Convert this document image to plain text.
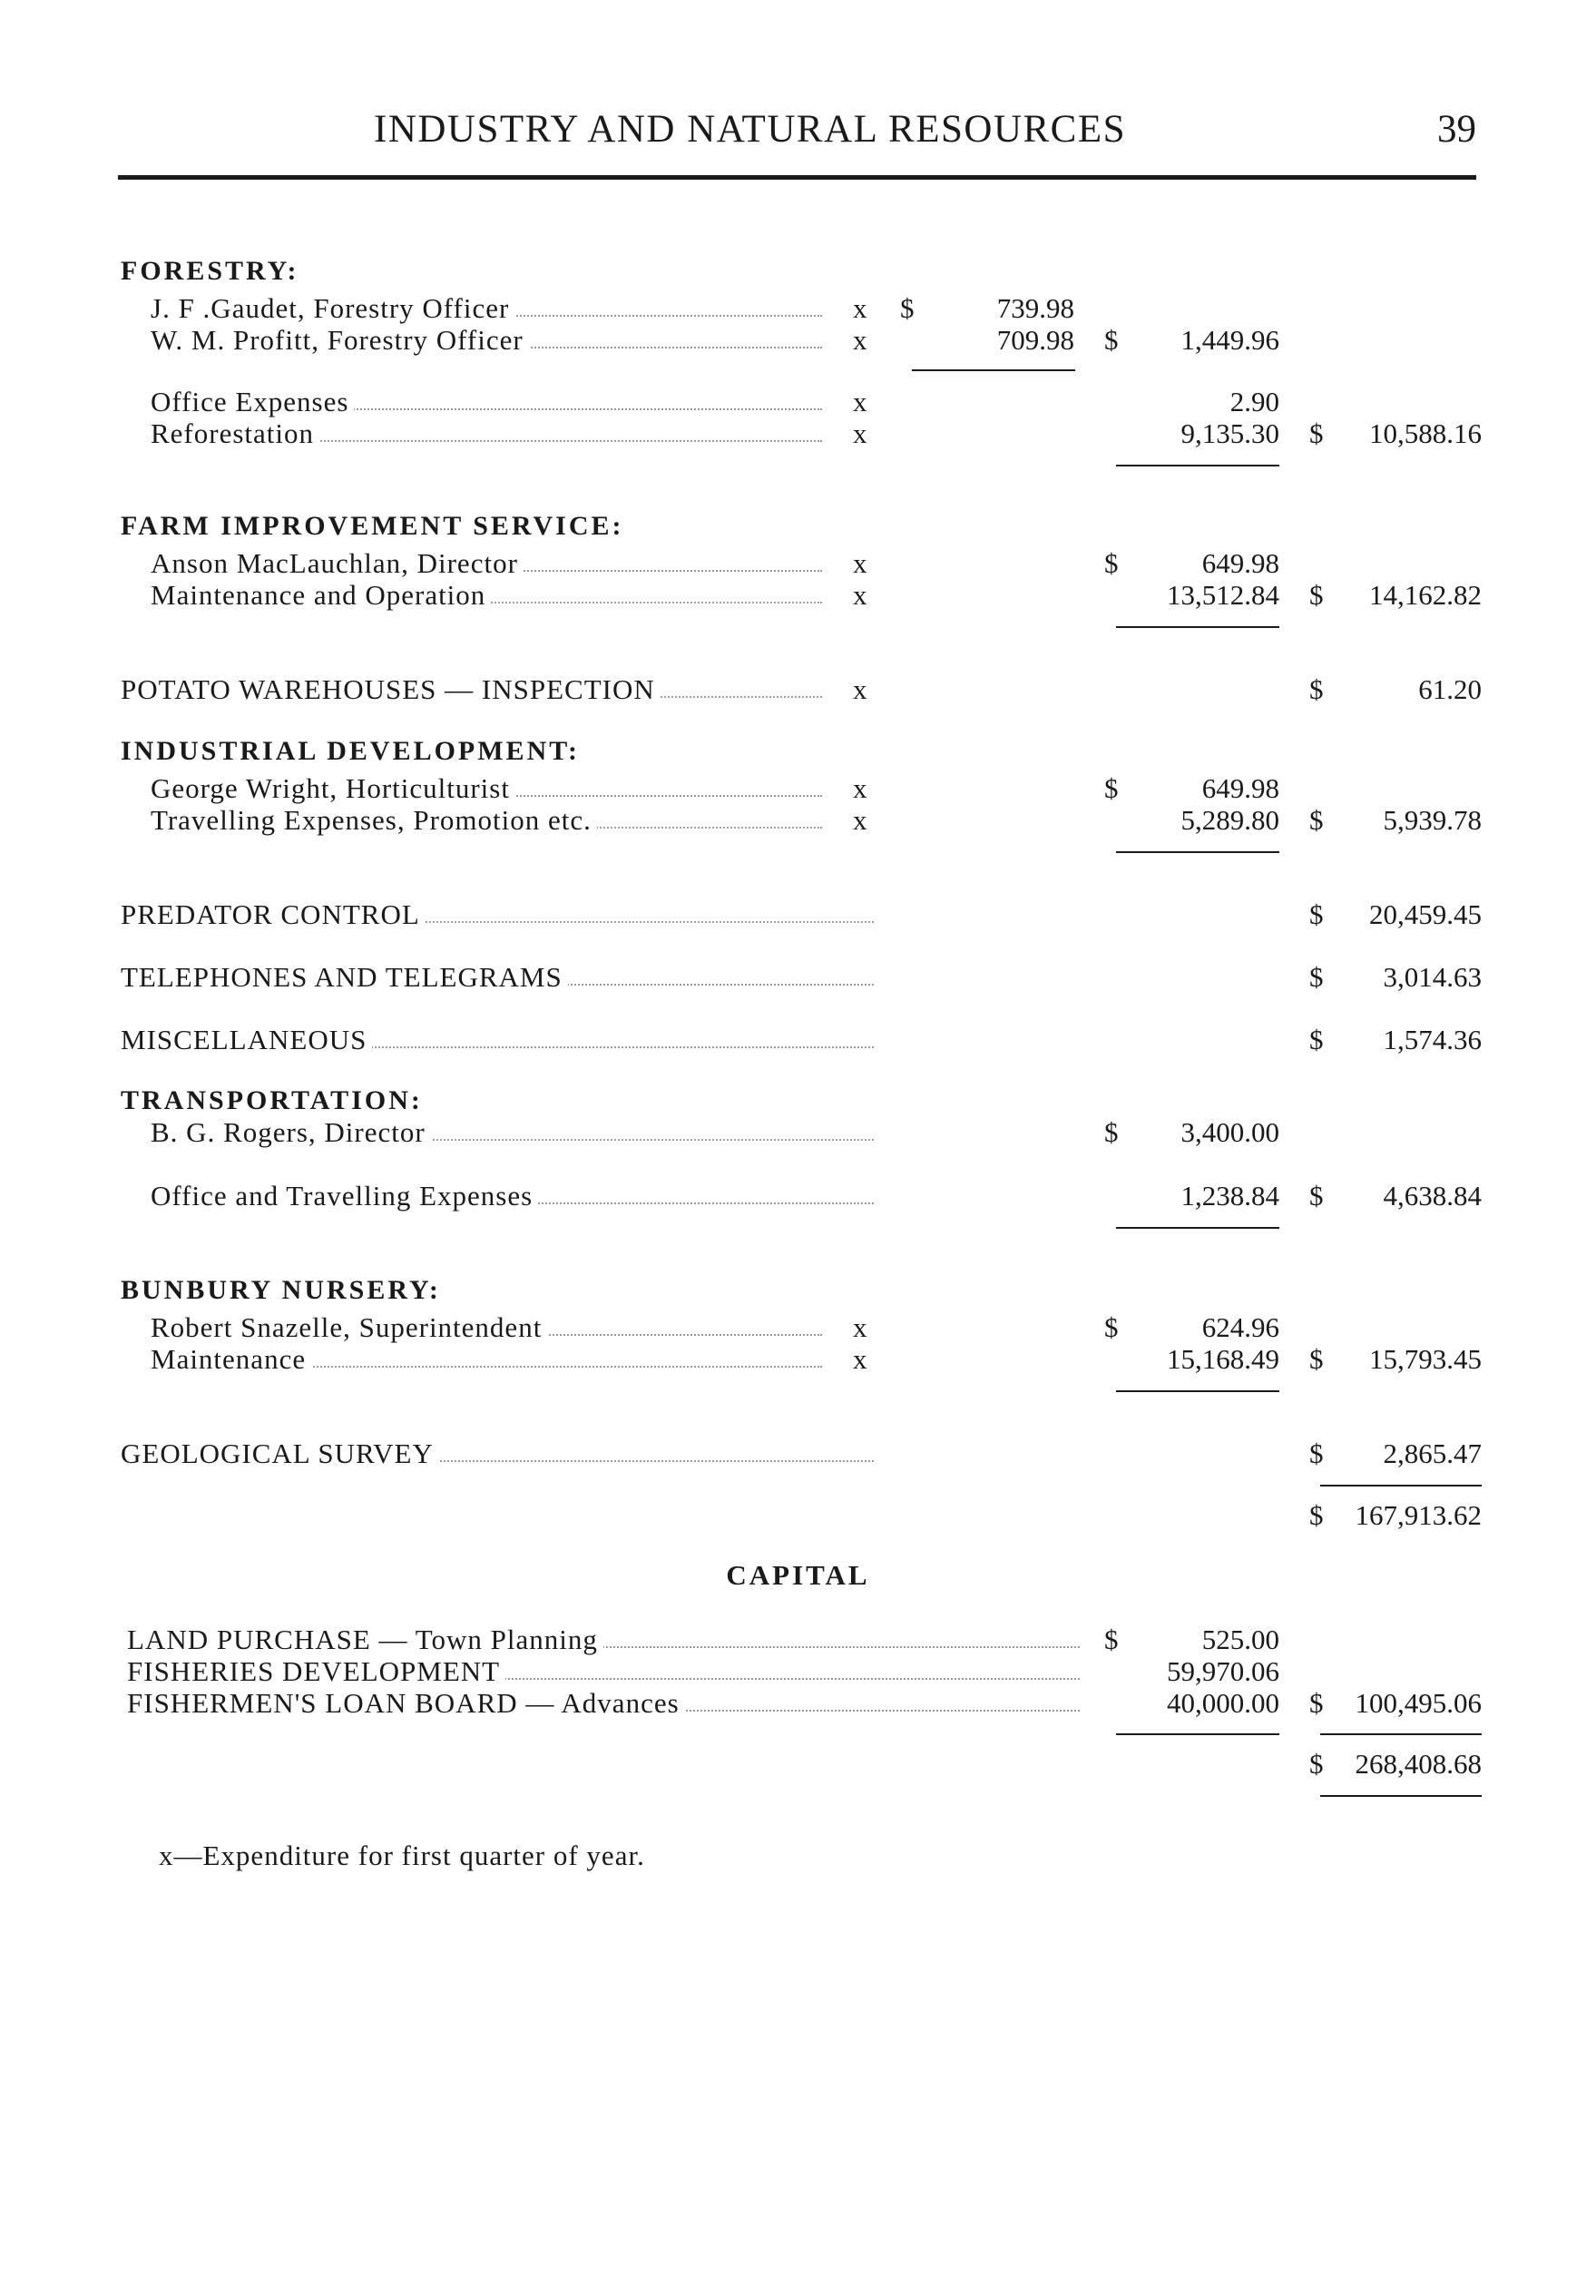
INDUSTRY AND NATURAL RESOURCES	39
FORESTRY:
J. F .Gaudet, Forestry Officer	x $	739.98
W. M. Profitt, Forestry Officer	x	709.98 $ 1,449.96
Office Expenses	x	2.90
Reforestation	x	9,135.30 $ 10,588.16
FARM IMPROVEMENT SERVICE:
Anson MacLauchlan, Director	x	$	649.98
Maintenance and Operation	x	13,512.84 $ 14,162.82
POTATO WAREHOUSES — INSPECTION	x	$	61.20
INDUSTRIAL DEVELOPMENT:
George Wright, Horticulturist	x	$	649.98
Travelling Expenses, Promotion etc.	x	5,289.80 $ 5,939.78
PREDATOR CONTROL	$ 20,459.45
TELEPHONES AND TELEGRAMS	$ 3,014.63
MISCELLANEOUS	$ 1,574.36
TRANSPORTATION:
B. G. Rogers, Director	$ 3,400.00
Office and Travelling Expenses	1,238.84 $ 4,638.84
BUNBURY NURSERY:
Robert Snazelle, Superintendent	x	$	624.96
Maintenance	x	15,168.49 $ 15,793.45
GEOLOGICAL SURVEY	$ 2,865.47
$ 167,913.62
CAPITAL
LAND PURCHASE — Town Planning	$	525.00
FISHERIES DEVELOPMENT	59,970.06
FISHERMEN'S LOAN BOARD — Advances	40,000.00 $ 100,495.06
$ 268,408.68
x—Expenditure for first quarter of year.
